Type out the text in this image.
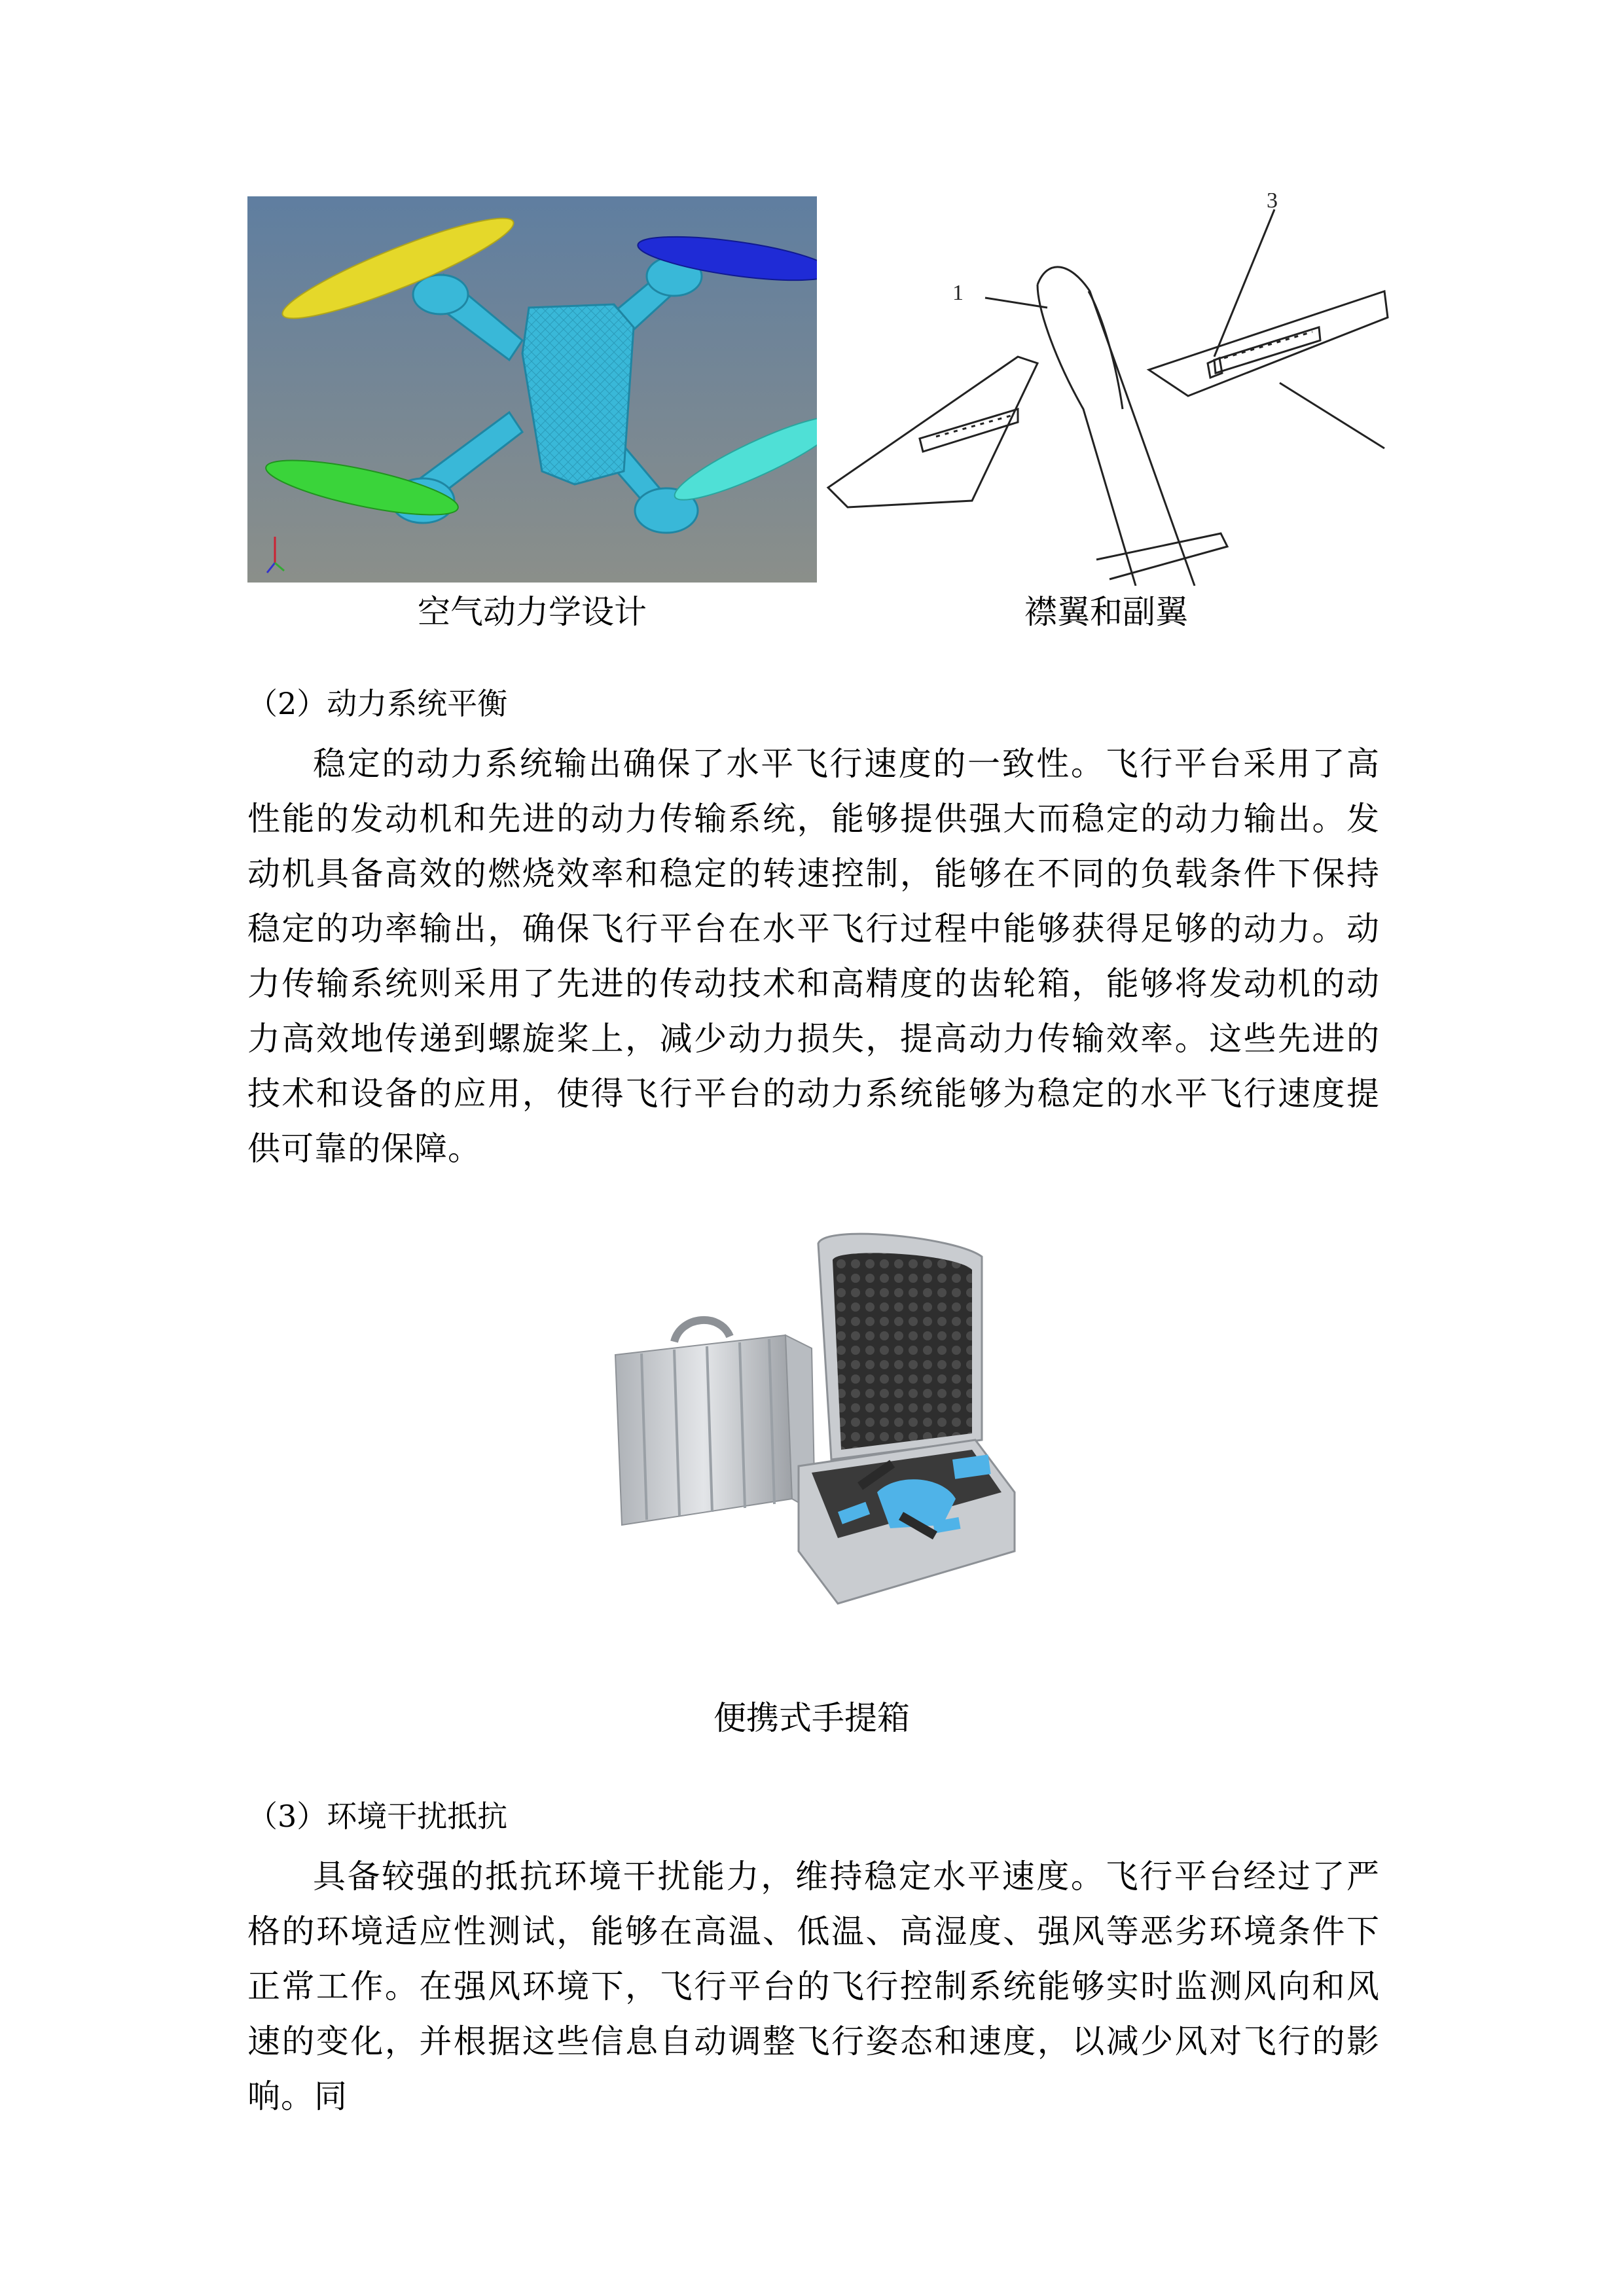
1
3
空气动力学设计	襟翼和副翼
（2）动力系统平衡
稳定的动力系统输出确保了水平飞行速度的一致性。飞行平台采用了高性能的发动机和先进的动力传输系统，能够提供强大而稳定的动力输出。发动机具备高效的燃烧效率和稳定的转速控制，能够在不同的负载条件下保持稳定的功率输出，确保飞行平台在水平飞行过程中能够获得足够的动力。动力传输系统则采用了先进的传动技术和高精度的齿轮箱，能够将发动机的动力高效地传递到螺旋桨上，减少动力损失，提高动力传输效率。这些先进的技术和设备的应用，使得飞行平台的动力系统能够为稳定的水平飞行速度提供可靠的保障。
便携式手提箱
（3）环境干扰抵抗
具备较强的抵抗环境干扰能力，维持稳定水平速度。飞行平台经过了严格的环境适应性测试，能够在高温、低温、高湿度、强风等恶劣环境条件下正常工作。在强风环境下，飞行平台的飞行控制系统能够实时监测风向和风速的变化，并根据这些信息自动调整飞行姿态和速度，以减少风对飞行的影响。同
